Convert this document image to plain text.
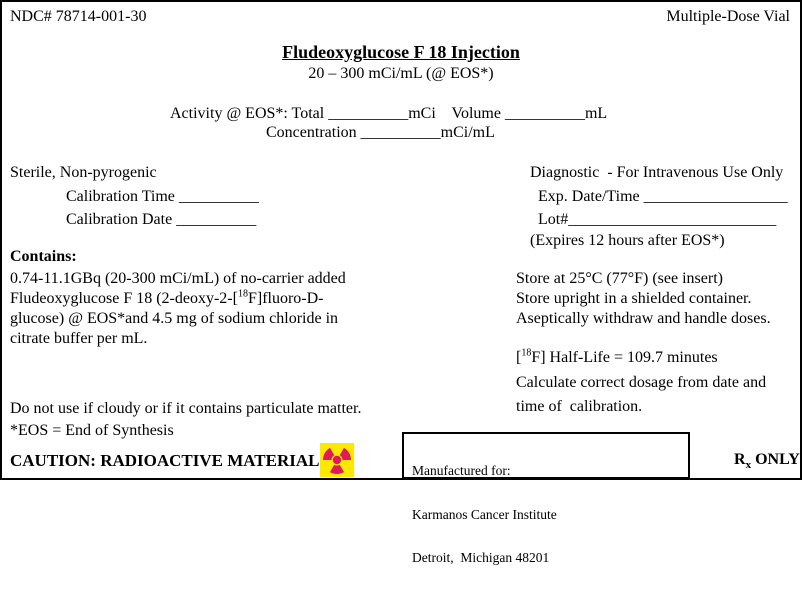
NDC# 78714-001-30	Multiple-Dose Vial
Fludeoxyglucose F 18 Injection
20 – 300 mCi/mL (@ EOS*)
Activity @ EOS*: Total __________mCi    Volume __________mL
Concentration __________mCi/mL
Sterile, Non-pyrogenic
Calibration Time __________
Calibration Date __________
Diagnostic  - For Intravenous Use Only
Exp. Date/Time __________________
Lot#__________________________
(Expires 12 hours after EOS*)
Contains:
0.74-11.1GBq (20-300 mCi/mL) of no-carrier added
Fludeoxyglucose F 18 (2-deoxy-2-[$^{18}$F]fluoro-D-
glucose) @ EOS*and 4.5 mg of sodium chloride in
citrate buffer per mL.
Store at 25°C (77°F) (see insert)
Store upright in a shielded container.
Aseptically withdraw and handle doses.
[$^{18}$F] Half-Life = 109.7 minutes
Calculate correct dosage from date and
time of  calibration.
Do not use if cloudy or if it contains particulate matter.
*EOS = End of Synthesis
CAUTION: RADIOACTIVE MATERIAL

Manufactured for:

Karmanos Cancer Institute

Detroit,  Michigan 48201

$R_x$ ONLY
